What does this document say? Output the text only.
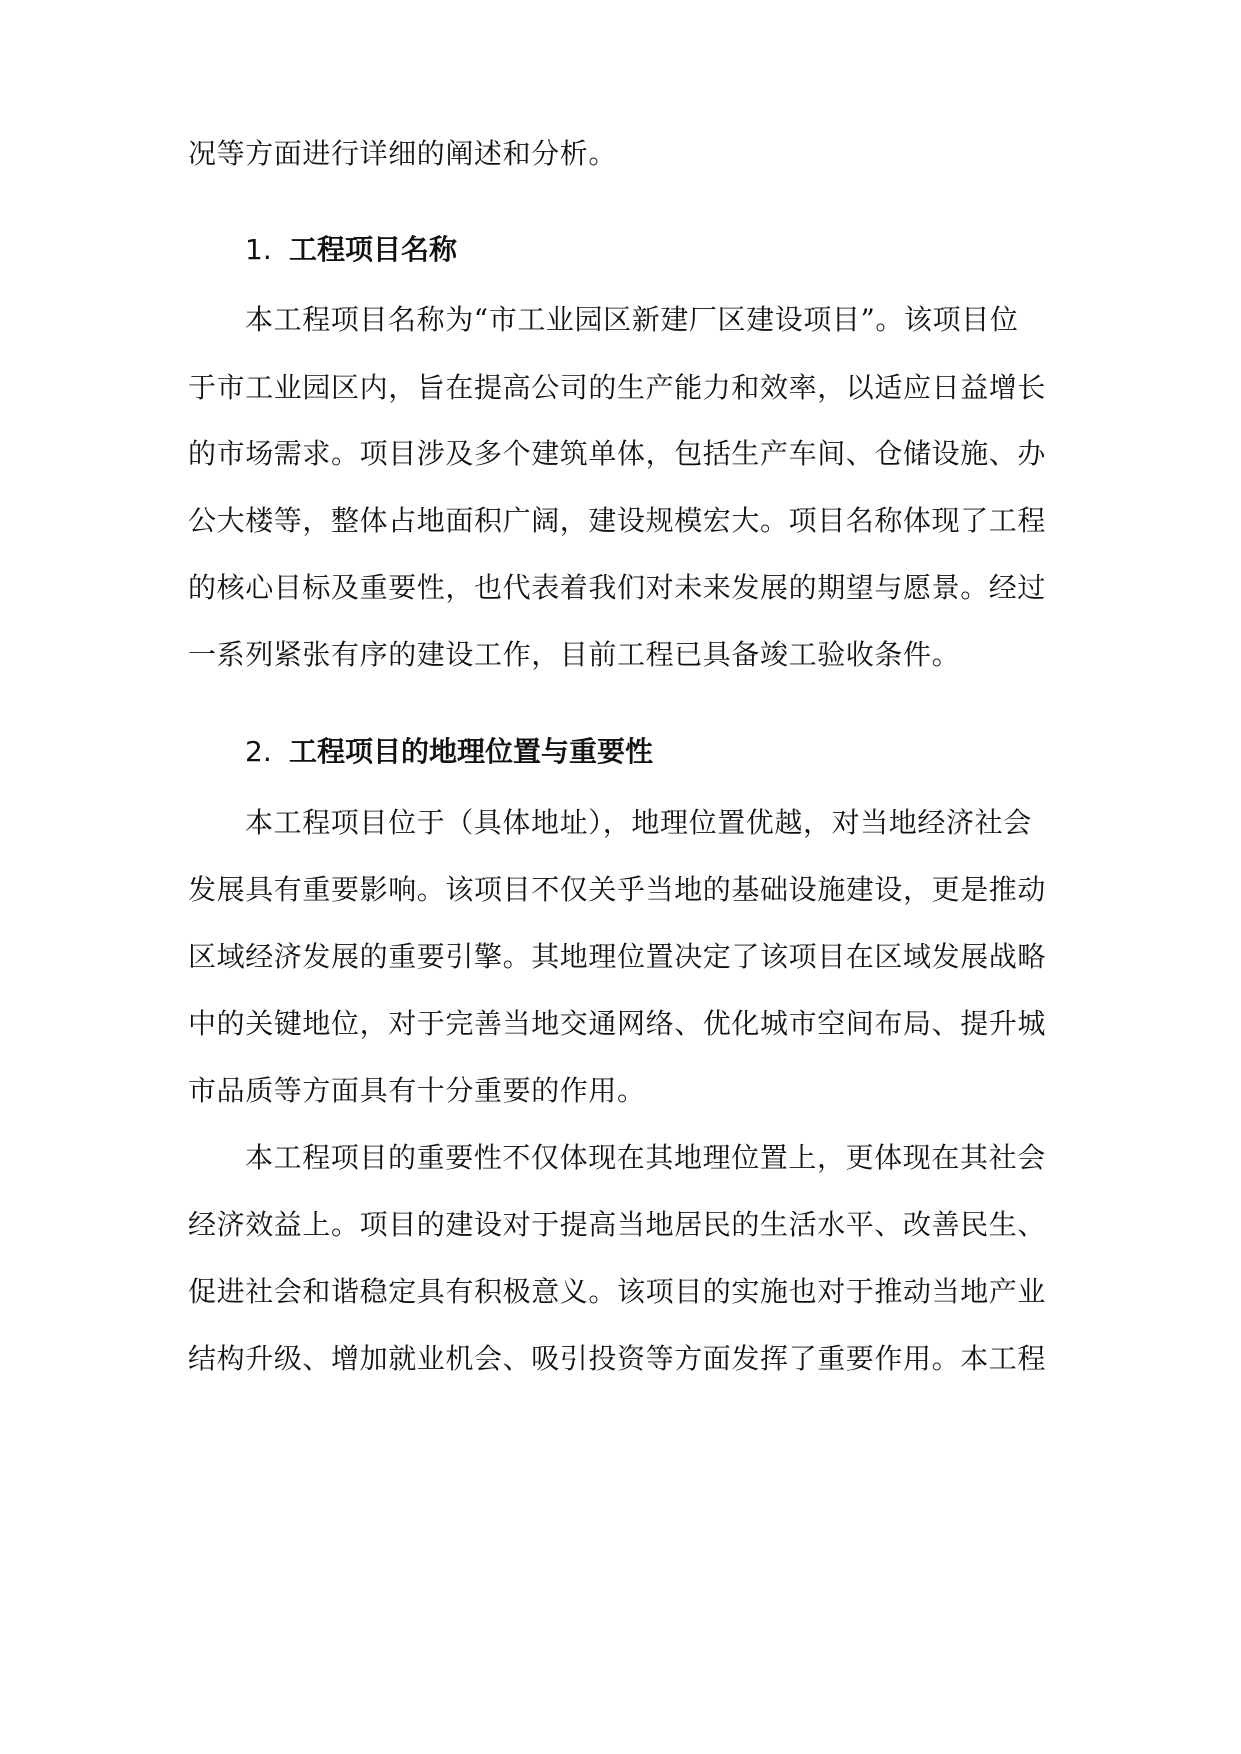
况等方面进行详细的阐述和分析。
1. 工程项目名称
本工程项目名称为“市工业园区新建厂区建设项目”。该项目位
于市工业园区内，旨在提高公司的生产能力和效率，以适应日益增长
的市场需求。项目涉及多个建筑单体，包括生产车间、仓储设施、办
公大楼等，整体占地面积广阔，建设规模宏大。项目名称体现了工程
的核心目标及重要性，也代表着我们对未来发展的期望与愿景。经过
一系列紧张有序的建设工作，目前工程已具备竣工验收条件。
2. 工程项目的地理位置与重要性
本工程项目位于（具体地址），地理位置优越，对当地经济社会
发展具有重要影响。该项目不仅关乎当地的基础设施建设，更是推动
区域经济发展的重要引擎。其地理位置决定了该项目在区域发展战略
中的关键地位，对于完善当地交通网络、优化城市空间布局、提升城
市品质等方面具有十分重要的作用。
本工程项目的重要性不仅体现在其地理位置上，更体现在其社会
经济效益上。项目的建设对于提高当地居民的生活水平、改善民生、
促进社会和谐稳定具有积极意义。该项目的实施也对于推动当地产业
结构升级、增加就业机会、吸引投资等方面发挥了重要作用。本工程
